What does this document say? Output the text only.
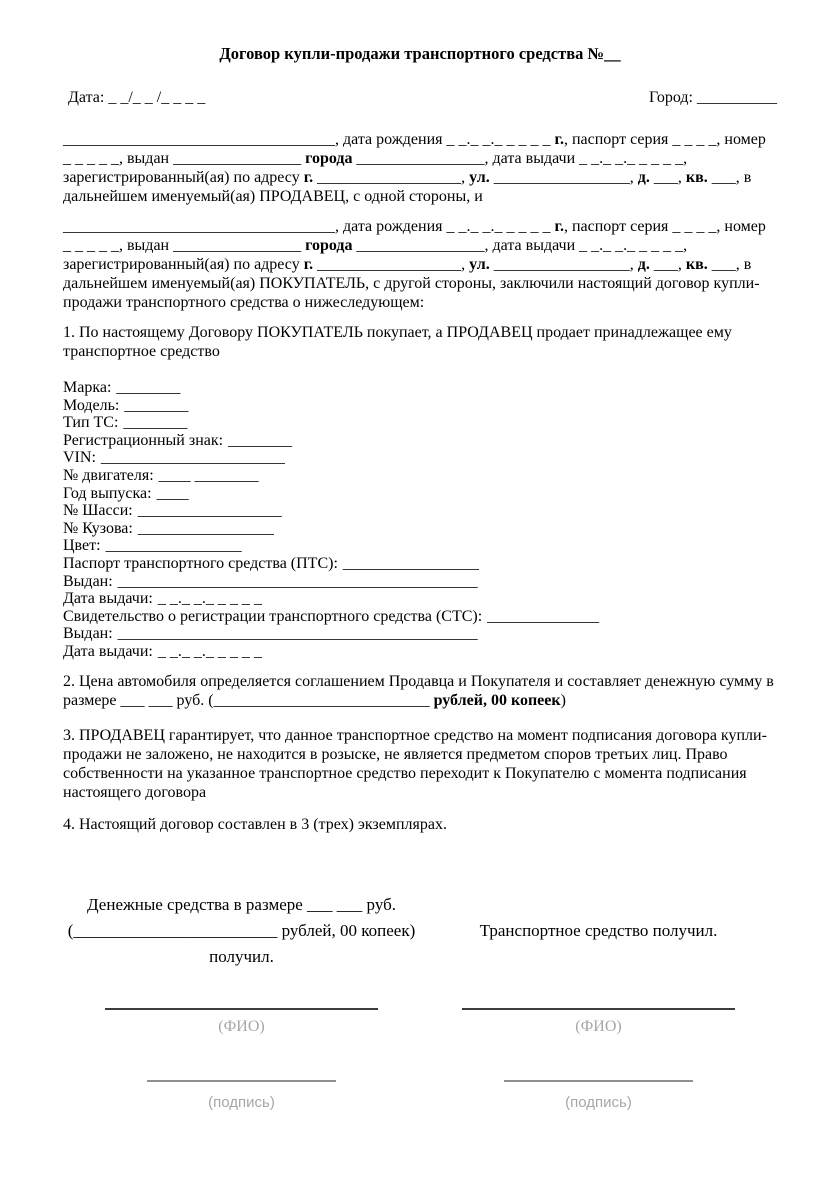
Договор купли-продажи транспортного средства №__
Дата: _ _/_ _ /_ _ _ _	Город: __________

__________________________________, дата рождения _ _._ _._ _ _ _ _ г., паспорт серия _ _ _ _, номер _ _ _ _ _, выдан ________________ города ________________, дата выдачи _ _._ _._ _ _ _ _, зарегистрированный(ая) по адресу г. __________________, ул. _________________, д. ___, кв. ___, в дальнейшем именуемый(ая) ПРОДАВЕЦ, с одной стороны, и

__________________________________, дата рождения _ _._ _._ _ _ _ _ г., паспорт серия _ _ _ _, номер _ _ _ _ _, выдан ________________ города ________________, дата выдачи _ _._ _._ _ _ _ _, зарегистрированный(ая) по адресу г. __________________, ул. _________________, д. ___, кв. ___, в дальнейшем именуемый(ая) ПОКУПАТЕЛЬ, с другой стороны, заключили настоящий договор купли-продажи транспортного средства о нижеследующем:

1. По настоящему Договору ПОКУПАТЕЛЬ покупает, а ПРОДАВЕЦ продает принадлежащее ему транспортное средство

Марка: ________
Модель: ________
Тип ТС: ________
Регистрационный знак: ________
VIN: _______________________
№ двигателя: ____ ________
Год выпуска: ____
№ Шасси: __________________
№ Кузова: _________________
Цвет: _________________
Паспорт транспортного средства (ПТС): _________________
Выдан: _____________________________________________
Дата выдачи: _ _._ _._ _ _ _ _
Свидетельство о регистрации транспортного средства (СТС): ______________
Выдан: _____________________________________________
Дата выдачи: _ _._ _._ _ _ _ _

2. Цена автомобиля определяется соглашением Продавца и Покупателя и составляет денежную сумму в размере ___ ___ руб. (___________________________ рублей, 00 копеек)

3. ПРОДАВЕЦ гарантирует, что данное транспортное средство на момент подписания договора купли-продажи не заложено, не находится в розыске, не является предметом споров третьих лиц. Право собственности на указанное транспортное средство переходит к Покупателю с момента подписания настоящего договора

4. Настоящий договор составлен в 3 (трех) экземплярах.

Денежные средства в размере ___ ___ руб.
(________________________ рублей, 00 копеек)
получил.
Транспортное средство получил.
(ФИО)
(подпись)
(ФИО)
(подпись)
